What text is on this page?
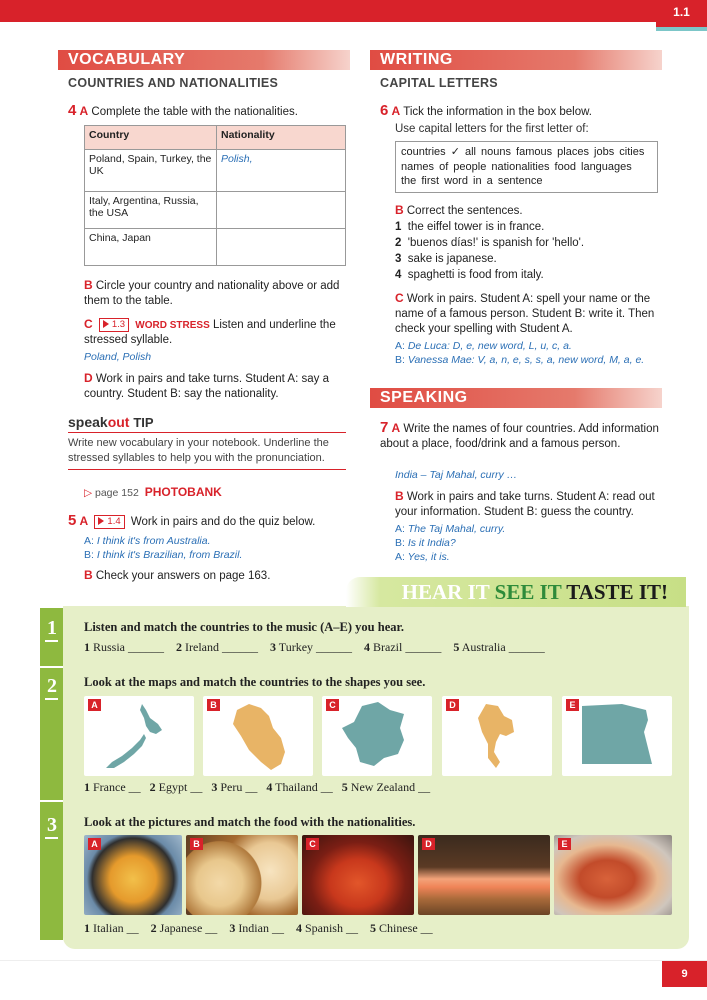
1.1
VOCABULARY
COUNTRIES AND NATIONALITIES
4 A Complete the table with the nationalities.
Country	Nationality
Poland, Spain, Turkey, the UK	Polish,
Italy, Argentina, Russia, the USA	
China, Japan	
B Circle your country and nationality above or add them to the table.
C 1.3 WORD STRESS Listen and underline the stressed syllable.
Poland, Polish
D Work in pairs and take turns. Student A: say a country. Student B: say the nationality.
speakout TIP
Write new vocabulary in your notebook. Underline the stressed syllables to help you with the pronunciation.
▷ page 152 PHOTOBANK
5 A 1.4 Work in pairs and do the quiz below.
A: I think it's from Australia.
B: I think it's Brazilian, from Brazil.
B Check your answers on page 163.
WRITING
CAPITAL LETTERS
6 A Tick the information in the box below.
Use capital letters for the first letter of:
countries ✓ all nouns famous places jobs cities names of people nationalities food languages the first word in a sentence
B Correct the sentences.
1 the eiffel tower is in france.
2 'buenos días!' is spanish for 'hello'.
3 sake is japanese.
4 spaghetti is food from italy.
C Work in pairs. Student A: spell your name or the name of a famous person. Student B: write it. Then check your spelling with Student A.
A: De Luca: D, e, new word, L, u, c, a.
B: Vanessa Mae: V, a, n, e, s, s, a, new word, M, a, e.
SPEAKING
7 A Write the names of four countries. Add information about a place, food/drink and a famous person.
India – Taj Mahal, curry …
B Work in pairs and take turns. Student A: read out your information. Student B: guess the country.
A: The Taj Mahal, curry.
B: Is it India?
A: Yes, it is.
HEAR IT SEE IT TASTE IT!
1 Listen and match the countries to the music (A–E) you hear.
1 Russia ______ 2 Ireland ______ 3 Turkey ______ 4 Brazil ______ 5 Australia ______
2 Look at the maps and match the countries to the shapes you see.
A	B	C	D	E
1 France __ 2 Egypt __ 3 Peru __ 4 Thailand __ 5 New Zealand __
3 Look at the pictures and match the food with the nationalities.
A	B	C	D	E
1 Italian __ 2 Japanese __ 3 Indian __ 4 Spanish __ 5 Chinese __
9
